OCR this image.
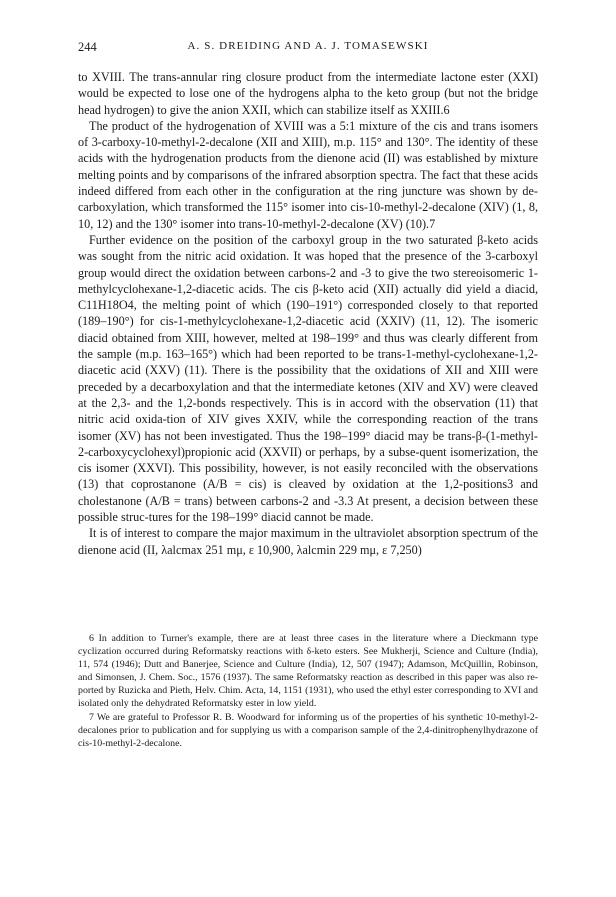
244	A. S. DREIDING AND A. J. TOMASEWSKI

to XVIII. The trans-annular ring closure product from the intermediate lactone ester (XXI) would be expected to lose one of the hydrogens alpha to the keto group (but not the bridge head hydrogen) to give the anion XXII, which can stabilize itself as XXIII.6

The product of the hydrogenation of XVIII was a 5:1 mixture of the cis and trans isomers of 3-carboxy-10-methyl-2-decalone (XII and XIII), m.p. 115° and 130°. The identity of these acids with the hydrogenation products from the dienone acid (II) was established by mixture melting points and by comparisons of the infrared absorption spectra. The fact that these acids indeed differed from each other in the configuration at the ring juncture was shown by de-carboxylation, which transformed the 115° isomer into cis-10-methyl-2-decalone (XIV) (1, 8, 10, 12) and the 130° isomer into trans-10-methyl-2-decalone (XV) (10).7

Further evidence on the position of the carboxyl group in the two saturated β-keto acids was sought from the nitric acid oxidation. It was hoped that the presence of the 3-carboxyl group would direct the oxidation between carbons-2 and -3 to give the two stereoisomeric 1-methylcyclohexane-1,2-diacetic acids. The cis β-keto acid (XII) actually did yield a diacid, C11H18O4, the melting point of which (190–191°) corresponded closely to that reported (189–190°) for cis-1-methylcyclohexane-1,2-diacetic acid (XXIV) (11, 12). The isomeric diacid obtained from XIII, however, melted at 198–199° and thus was clearly different from the sample (m.p. 163–165°) which had been reported to be trans-1-methyl-cyclohexane-1,2-diacetic acid (XXV) (11). There is the possibility that the oxidations of XII and XIII were preceded by a decarboxylation and that the intermediate ketones (XIV and XV) were cleaved at the 2,3- and the 1,2-bonds respectively. This is in accord with the observation (11) that nitric acid oxida-tion of XIV gives XXIV, while the corresponding reaction of the trans isomer (XV) has not been investigated. Thus the 198–199° diacid may be trans-β-(1-methyl-2-carboxycyclohexyl)propionic acid (XXVII) or perhaps, by a subse-quent isomerization, the cis isomer (XXVI). This possibility, however, is not easily reconciled with the observations (13) that coprostanone (A/B = cis) is cleaved by oxidation at the 1,2-positions3 and cholestanone (A/B = trans) between carbons-2 and -3.3 At present, a decision between these possible struc-tures for the 198–199° diacid cannot be made.

It is of interest to compare the major maximum in the ultraviolet absorption spectrum of the dienone acid (II, λalcmax 251 mμ, ε 10,900, λalcmin 229 mμ, ε 7,250)

6 In addition to Turner's example, there are at least three cases in the literature where a Dieckmann type cyclization occurred during Reformatsky reactions with δ-keto esters. See Mukherji, Science and Culture (India), 11, 574 (1946); Dutt and Banerjee, Science and Culture (India), 12, 507 (1947); Adamson, McQuillin, Robinson, and Simonsen, J. Chem. Soc., 1576 (1937). The same Reformatsky reaction as described in this paper was also re-ported by Ruzicka and Pieth, Helv. Chim. Acta, 14, 1151 (1931), who used the ethyl ester corresponding to XVI and isolated only the dehydrated Reformatsky ester in low yield.

7 We are grateful to Professor R. B. Woodward for informing us of the properties of his synthetic 10-methyl-2-decalones prior to publication and for supplying us with a comparison sample of the 2,4-dinitrophenylhydrazone of cis-10-methyl-2-decalone.
